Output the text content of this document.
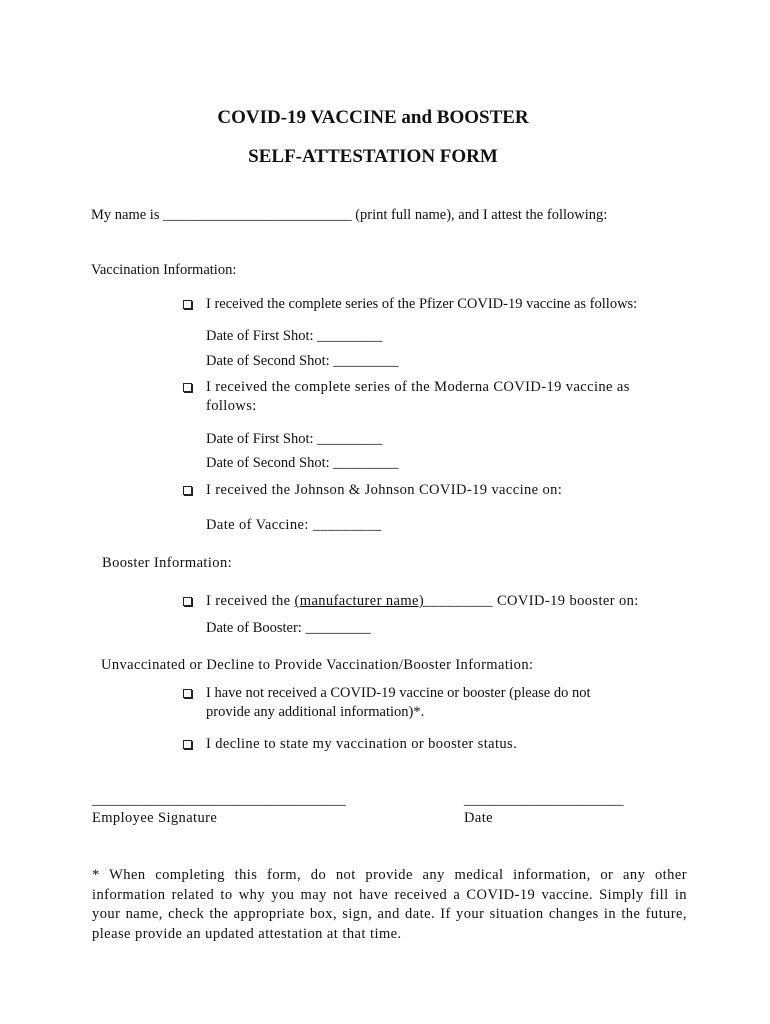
COVID-19 VACCINE and BOOSTER
SELF-ATTESTATION FORM
My name is __________________________ (print full name), and I attest the following:
Vaccination Information:
I received the complete series of the Pfizer COVID-19 vaccine as follows:
Date of First Shot: _________
Date of Second Shot: _________
I received the complete series of the Moderna COVID-19 vaccine as
follows:
Date of First Shot: _________
Date of Second Shot: _________
I received the Johnson & Johnson COVID-19 vaccine on:
Date of Vaccine: _________
Booster Information:
I received the (manufacturer name)_________ COVID-19 booster on:
Date of Booster: _________
Unvaccinated or Decline to Provide Vaccination/Booster Information:
I have not received a COVID-19 vaccine or booster (please do not
provide any additional information)*.
I decline to state my vaccination or booster status.
___________________________________
Employee Signature
______________________
Date
* When completing this form, do not provide any medical information, or any other information related to why you may not have received a COVID-19 vaccine. Simply fill in your name, check the appropriate box, sign, and date. If your situation changes in the future, please provide an updated attestation at that time.
